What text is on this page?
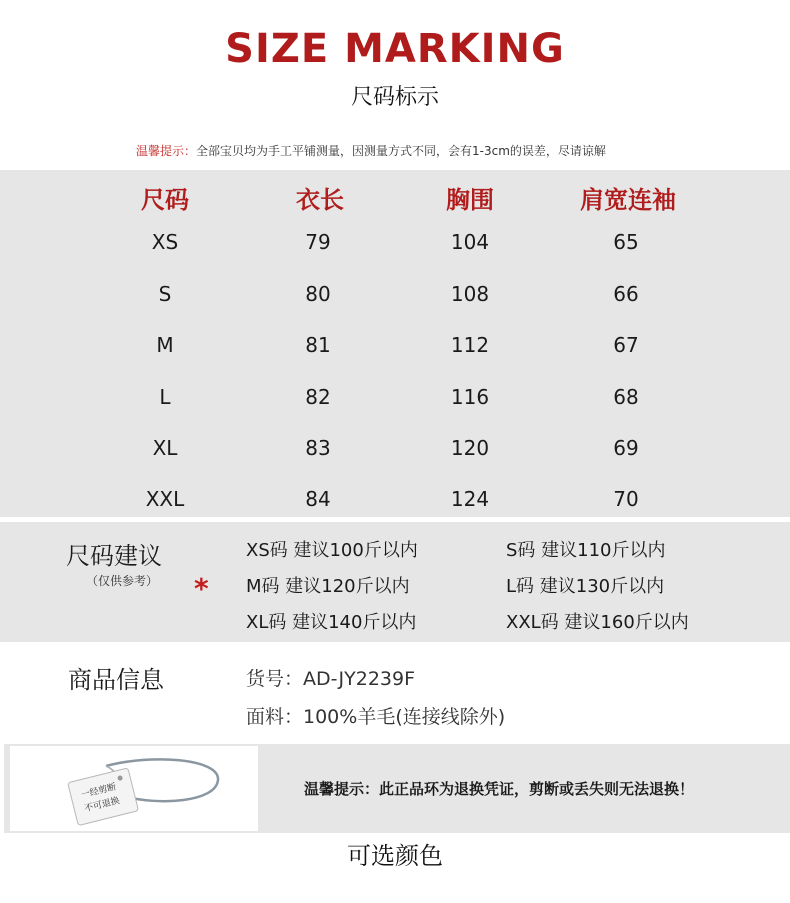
SIZE MARKING
尺码标示
温馨提示：全部宝贝均为手工平铺测量，因测量方式不同，会有1-3cm的误差，尽请谅解
尺码	衣长	胸围	肩宽连袖
XS	79	104	65
S	80	108	66
M	81	112	67
L	82	116	68
XL	83	120	69
XXL	84	124	70
尺码建议
（仅供参考） *
XS码 建议100斤以内	S码 建议110斤以内
M码 建议120斤以内	L码 建议130斤以内
XL码 建议140斤以内	XXL码 建议160斤以内
商品信息	货号：AD-JY2239F
面料：100%羊毛(连接线除外)
一经剪断
不可退换
温馨提示：此正品环为退换凭证，剪断或丢失则无法退换！
可选颜色
